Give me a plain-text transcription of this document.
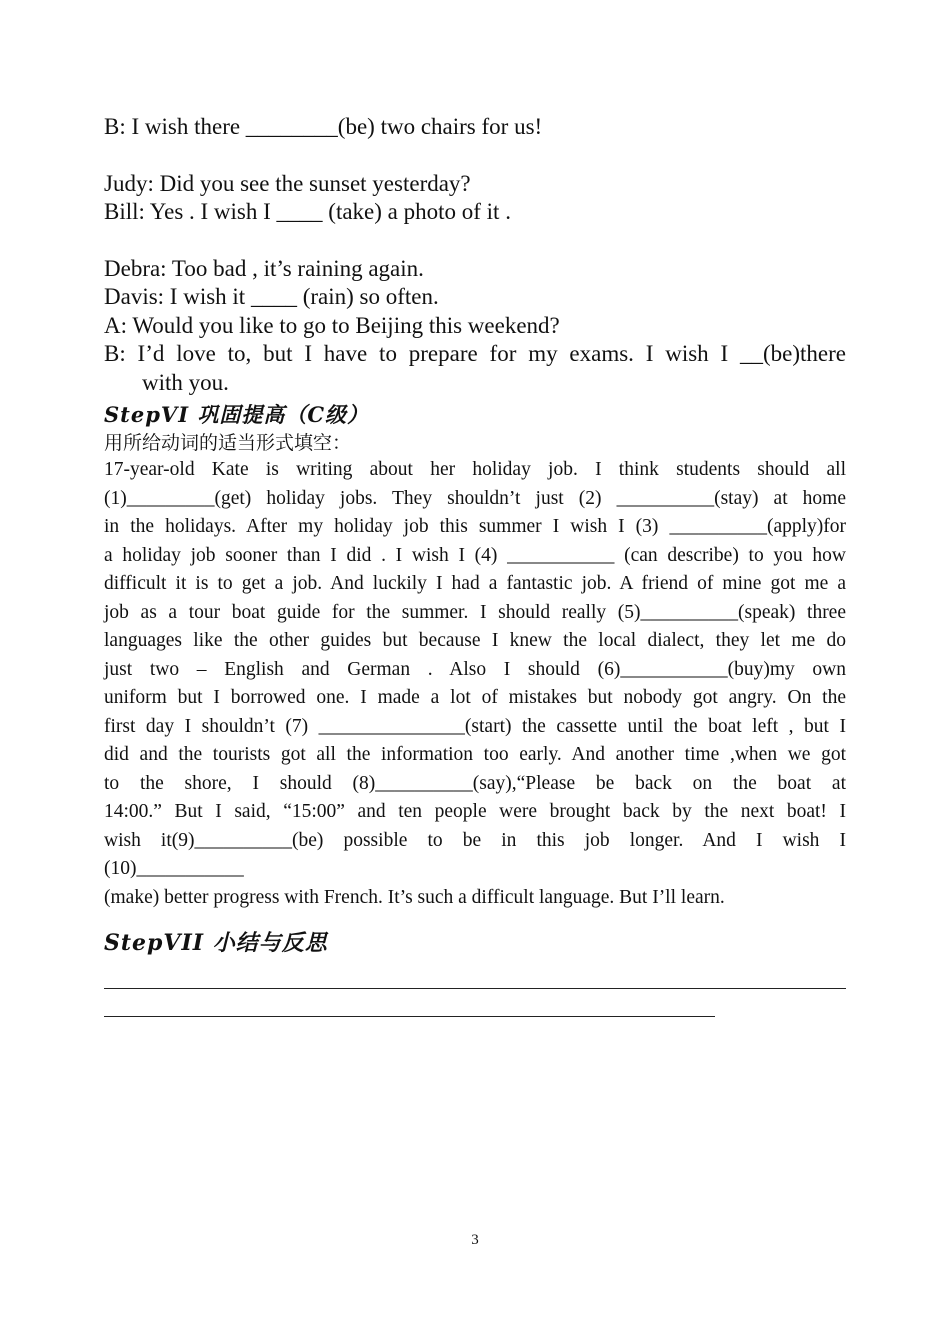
B: I wish there ________(be) two chairs for us!
Judy: Did you see the sunset yesterday?
Bill: Yes . I wish I ____ (take) a photo of it .
Debra: Too bad , it’s raining again.
Davis: I wish it ____ (rain) so often.
A: Would you like to go to Beijing this weekend?
B: I’d love to, but I have to prepare for my exams. I wish I __(be)there
with you.
StepVI 巩固提高（C级）
用所给动词的适当形式填空：
17-year-old Kate is writing about her holiday job. I think students should all
(1)_________(get) holiday jobs. They shouldn’t just (2) __________(stay) at home
in the holidays. After my holiday job this summer I wish I (3) __________(apply)for
a holiday job sooner than I did . I wish I (4) ___________ (can describe) to you how
difficult it is to get a job. And luckily I had a fantastic job. A friend of mine got me a
job as a tour boat guide for the summer. I should really (5)__________(speak) three
languages like the other guides but because I knew the local dialect, they let me do
just two – English and German . Also I should (6)___________(buy)my own
uniform but I borrowed one. I made a lot of mistakes but nobody got angry. On the
first day I shouldn’t (7) _______________(start) the cassette until the boat left , but I
did and the tourists got all the information too early. And another time ,when we got
to the shore, I should (8)__________(say),“Please be back on the boat at
14:00.” But I said, “15:00” and ten people were brought back by the next boat! I
wish it(9)__________(be) possible to be in this job longer. And I wish I
(10)___________
(make) better progress with French. It’s such a difficult language. But I’ll learn.
StepVII 小结与反思
3
